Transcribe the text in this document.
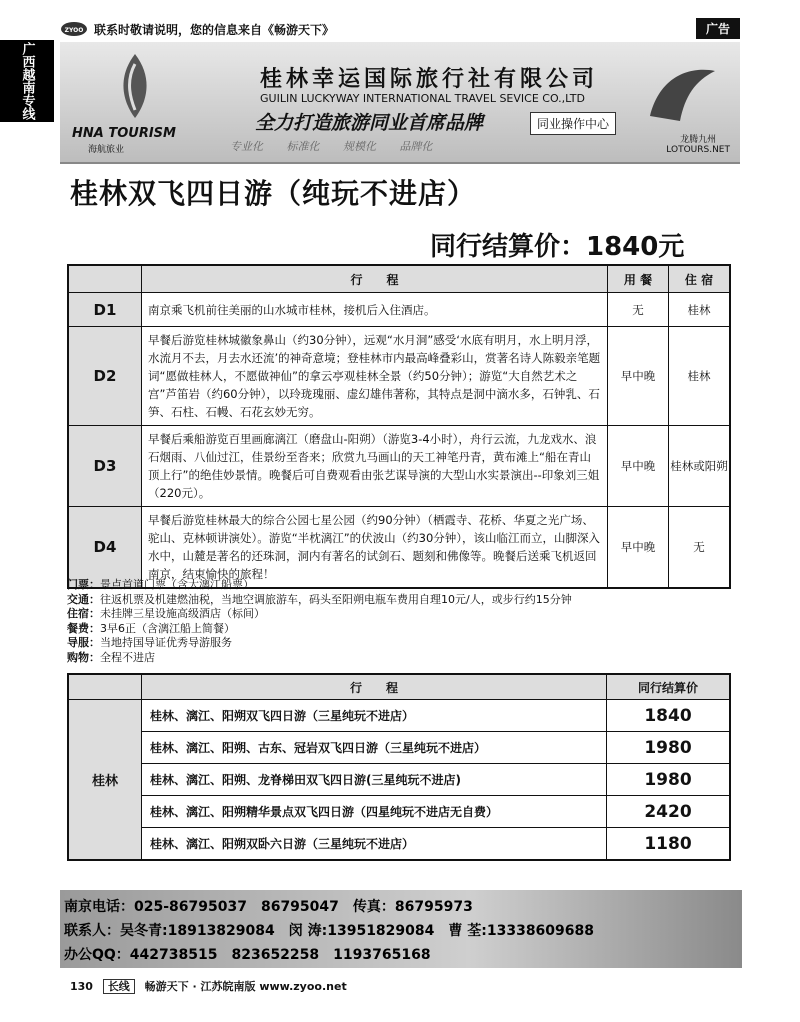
ZYOO 联系时敬请说明，您的信息来自《畅游天下》	广告
广西越南专线
HNA TOURISM
海航旅业
桂林幸运国际旅行社有限公司
GUILIN LUCKYWAY INTERNATIONAL TRAVEL SEVICE CO.,LTD
全力打造旅游同业首席品牌	同业操作中心
专业化 标准化 规模化 品牌化	龙腾九州
LOTOURS.NET
桂林双飞四日游（纯玩不进店）
同行结算价：1840元
	行　　程	用 餐	住 宿
D1	南京乘飞机前往美丽的山水城市桂林，接机后入住酒店。	无	桂林
D2	早餐后游览桂林城徽象鼻山（约30分钟），远观“水月洞”感受‘水底有明月，水上明月浮，水流月不去，月去水还流’的神奇意境；登桂林市内最高峰叠彩山，赏著名诗人陈毅亲笔题词“愿做桂林人，不愿做神仙”的拿云亭观桂林全景（约50分钟）；游览“大自然艺术之宫”芦笛岩（约60分钟），以玲珑瑰丽、虚幻雄伟著称，其特点是洞中滴水多，石钟乳、石笋、石柱、石幔、石花玄妙无穷。	早中晚	桂林
D3	早餐后乘船游览百里画廊漓江（磨盘山-阳朔）（游览3-4小时），舟行云流，九龙戏水、浪石烟雨、八仙过江，佳景纷至沓来；欣赏九马画山的天工神笔丹青，黄布滩上“船在青山顶上行”的绝佳妙景情。晚餐后可自费观看由张艺谋导演的大型山水实景演出--印象刘三姐（220元）。	早中晚	桂林或阳朔
D4	早餐后游览桂林最大的综合公园七星公园（约90分钟）（栖霞寺、花桥、华夏之光广场、驼山、克林顿讲演处）。游览“半枕漓江”的伏波山（约30分钟），该山临江而立，山脚深入水中，山麓是著名的还珠洞，洞内有著名的试剑石、题刻和佛像等。晚餐后送乘飞机返回南京，结束愉快的旅程！	早中晚	无
门票：景点首道门票（含大漓江船票）
交通：往返机票及机建燃油税，当地空调旅游车，码头至阳朔电瓶车费用自理10元/人，或步行约15分钟
住宿：未挂牌三星设施高级酒店（标间）
餐费：3早6正（含漓江船上简餐）
导服：当地持国导证优秀导游服务
购物：全程不进店
	行　　程	同行结算价
桂林	桂林、漓江、阳朔双飞四日游（三星纯玩不进店）	1840
	桂林、漓江、阳朔、古东、冠岩双飞四日游（三星纯玩不进店）	1980
	桂林、漓江、阳朔、龙脊梯田双飞四日游(三星纯玩不进店)	1980
	桂林、漓江、阳朔精华景点双飞四日游（四星纯玩不进店无自费）	2420
	桂林、漓江、阳朔双卧六日游（三星纯玩不进店）	1180
南京电话：025-86795037　86795047　传真：86795973
联系人：吴冬青:18913829084　闵 涛:13951829084　曹 荃:13338609688
办公QQ：442738515　823652258　1193765168
130 长线 畅游天下 · 江苏皖南版 www.zyoo.net
